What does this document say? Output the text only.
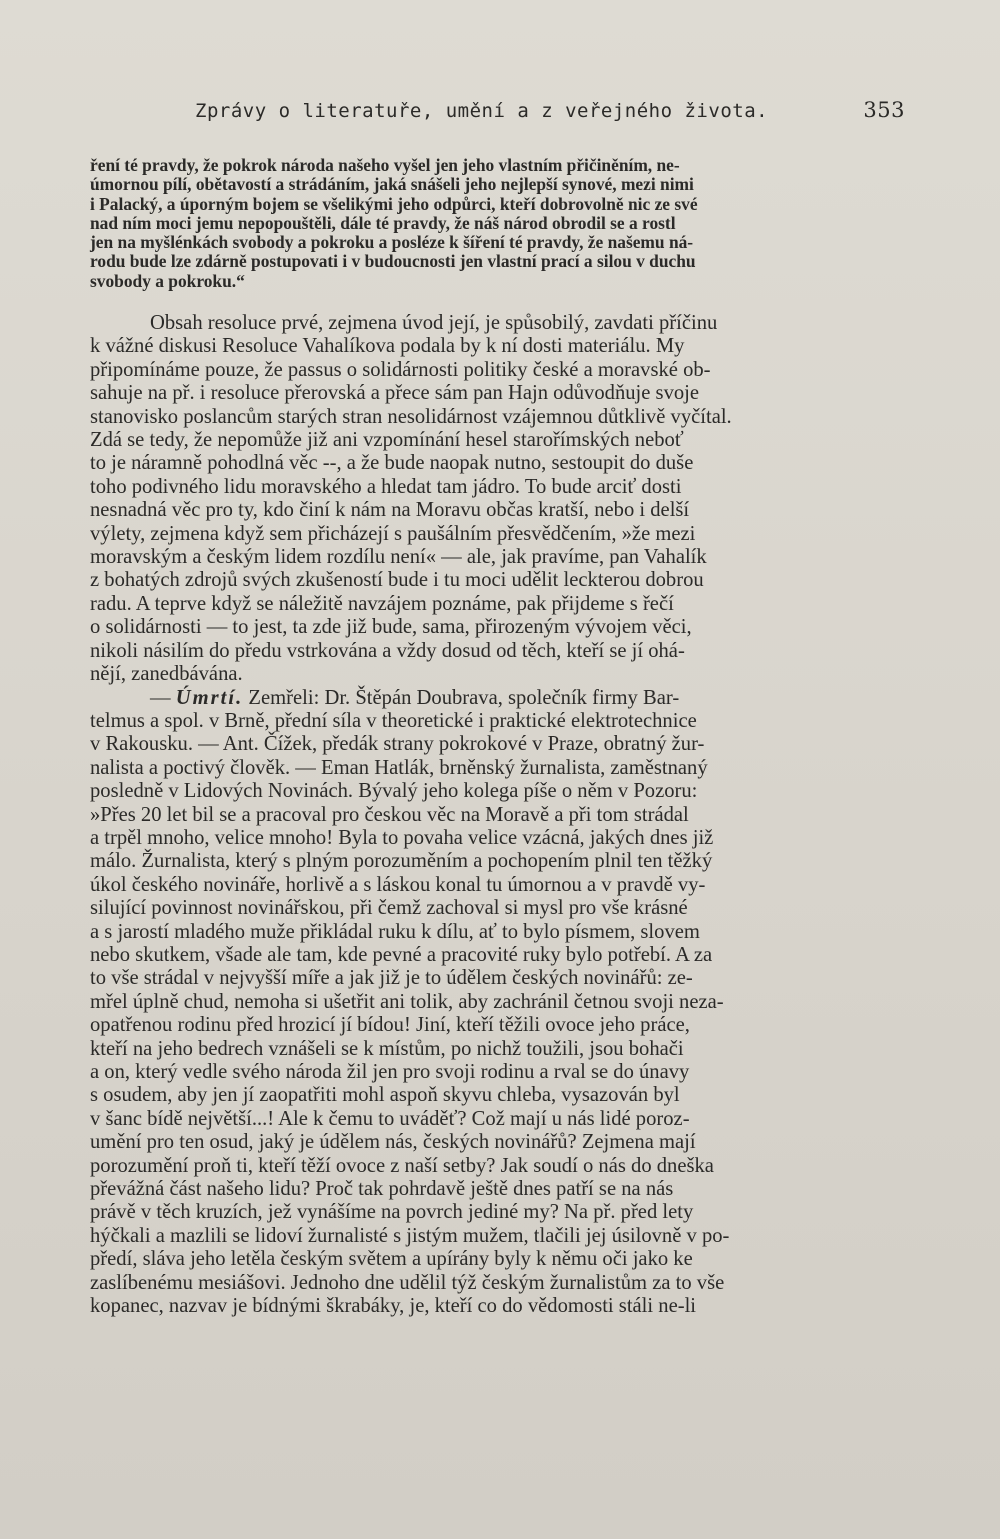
Zprávy o literatuře, umění a z veřejného života.	353
ření té pravdy, že pokrok národa našeho vyšel jen jeho vlastním přičiněním, ne-
úmornou pílí, obětavostí a strádáním, jaká snášeli jeho nejlepší synové, mezi nimi
i Palacký, a úporným bojem se všelikými jeho odpůrci, kteří dobrovolně nic ze své
nad ním moci jemu nepopouštěli, dále té pravdy, že náš národ obrodil se a rostl
jen na myšlénkách svobody a pokroku a posléze k šíření té pravdy, že našemu ná-
rodu bude lze zdárně postupovati i v budoucnosti jen vlastní prací a silou v duchu
svobody a pokroku.“
Obsah resoluce prvé, zejmena úvod její, je spůsobilý, zavdati příčinu
k vážné diskusi Resoluce Vahalíkova podala by k ní dosti materiálu. My
připomínáme pouze, že passus o solidárnosti politiky české a moravské ob-
sahuje na př. i resoluce přerovská a přece sám pan Hajn odůvodňuje svoje
stanovisko poslancům starých stran nesolidárnost vzájemnou důtklivě vyčítal.
Zdá se tedy, že nepomůže již ani vzpomínání hesel starořímských neboť
to je náramně pohodlná věc --, a že bude naopak nutno, sestoupit do duše
toho podivného lidu moravského a hledat tam jádro. To bude arciť dosti
nesnadná věc pro ty, kdo činí k nám na Moravu občas kratší, nebo i delší
výlety, zejmena když sem přicházejí s paušálním přesvědčením, »že mezi
moravským a českým lidem rozdílu není« — ale, jak pravíme, pan Vahalík
z bohatých zdrojů svých zkušeností bude i tu moci udělit leckterou dobrou
radu. A teprve když se náležitě navzájem poznáme, pak přijdeme s řečí
o solidárnosti — to jest, ta zde již bude, sama, přirozeným vývojem věci,
nikoli násilím do předu vstrkována a vždy dosud od těch, kteří se jí ohá-
nějí, zanedbávána.
— Úmrtí. Zemřeli: Dr. Štěpán Doubrava, společník firmy Bar-
telmus a spol. v Brně, přední síla v theoretické i praktické elektrotechnice
v Rakousku. — Ant. Čížek, předák strany pokrokové v Praze, obratný žur-
nalista a poctivý člověk. — Eman Hatlák, brněnský žurnalista, zaměstnaný
posledně v Lidových Novinách. Bývalý jeho kolega píše o něm v Pozoru:
»Přes 20 let bil se a pracoval pro českou věc na Moravě a při tom strádal
a trpěl mnoho, velice mnoho! Byla to povaha velice vzácná, jakých dnes již
málo. Žurnalista, který s plným porozuměním a pochopením plnil ten těžký
úkol českého novináře, horlivě a s láskou konal tu úmornou a v pravdě vy-
silující povinnost novinářskou, při čemž zachoval si mysl pro vše krásné
a s jarostí mladého muže přikládal ruku k dílu, ať to bylo písmem, slovem
nebo skutkem, všade ale tam, kde pevné a pracovité ruky bylo potřebí. A za
to vše strádal v nejvyšší míře a jak již je to údělem českých novinářů: ze-
mřel úplně chud, nemoha si ušetřit ani tolik, aby zachránil četnou svoji neza-
opatřenou rodinu před hrozicí jí bídou! Jiní, kteří těžili ovoce jeho práce,
kteří na jeho bedrech vznášeli se k místům, po nichž toužili, jsou bohači
a on, který vedle svého národa žil jen pro svoji rodinu a rval se do únavy
s osudem, aby jen jí zaopatřiti mohl aspoň skyvu chleba, vysazován byl
v šanc bídě největší...! Ale k čemu to uváděť? Což mají u nás lidé poroz-
umění pro ten osud, jaký je údělem nás, českých novinářů? Zejmena mají
porozumění proň ti, kteří těží ovoce z naší setby? Jak soudí o nás do dneška
převážná část našeho lidu? Proč tak pohrdavě ještě dnes patří se na nás
právě v těch kruzích, jež vynášíme na povrch jediné my? Na př. před lety
hýčkali a mazlili se lidoví žurnalisté s jistým mužem, tlačili jej úsilovně v po-
předí, sláva jeho letěla českým světem a upírány byly k němu oči jako ke
zaslíbenému mesiášovi. Jednoho dne udělil týž českým žurnalistům za to vše
kopanec, nazvav je bídnými škrabáky, je, kteří co do vědomosti stáli ne-li
